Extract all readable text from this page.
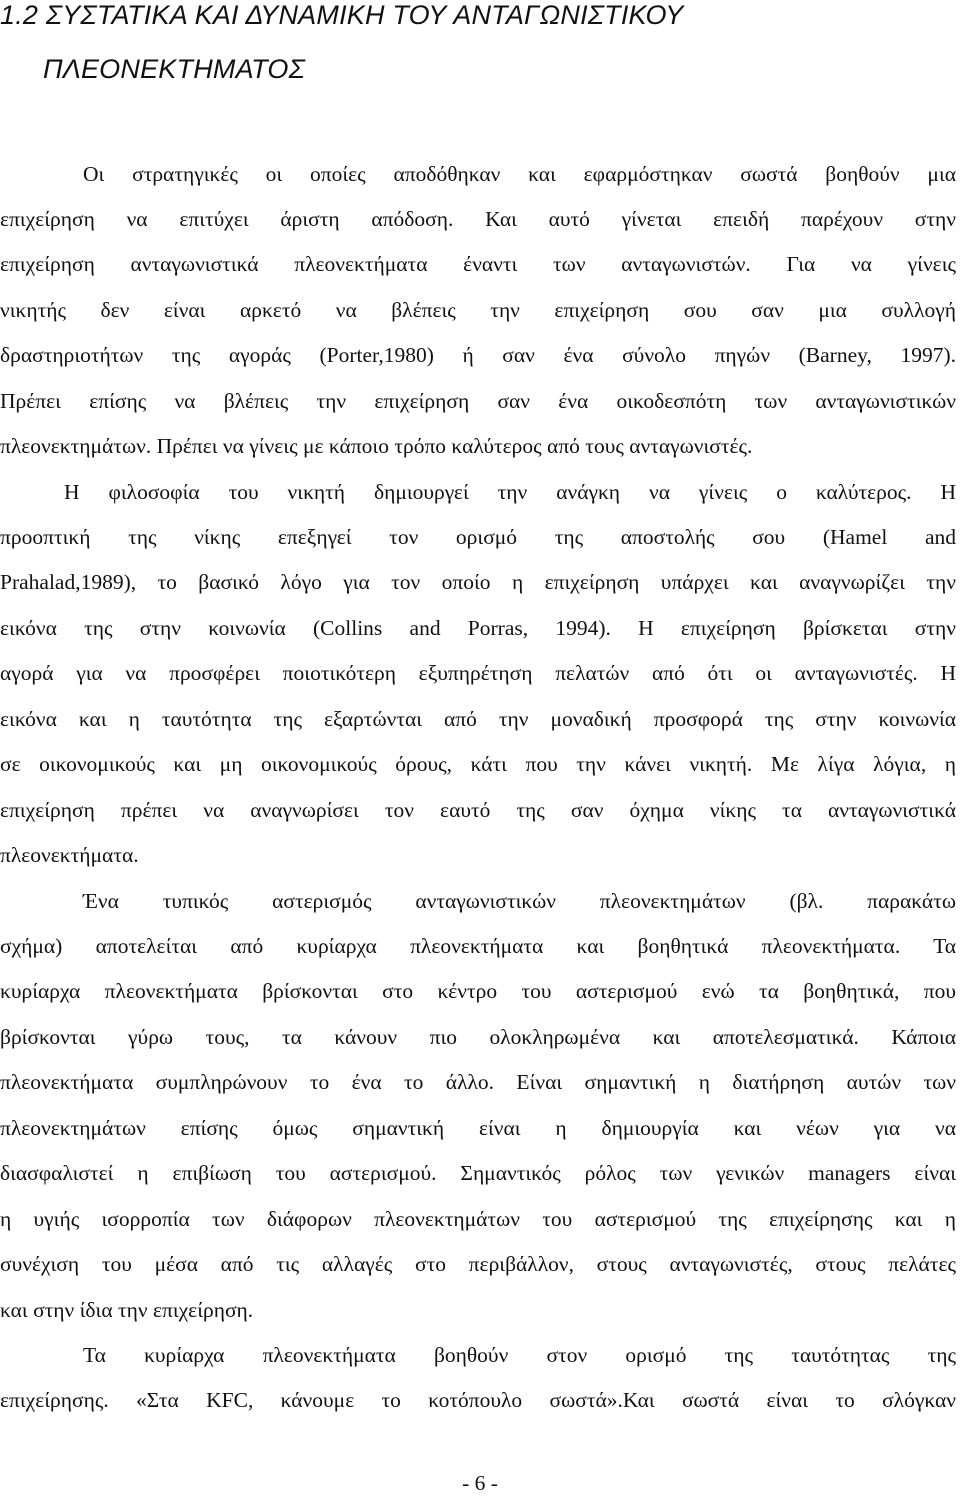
1.2 ΣΥΣΤΑΤΙΚΑ ΚΑΙ ΔΥΝΑΜΙΚΗ ΤΟΥ ΑΝΤΑΓΩΝΙΣΤΙΚΟΥ
ΠΛΕΟΝΕΚΤΗΜΑΤΟΣ
Οι στρατηγικές οι οποίες αποδόθηκαν και εφαρμόστηκαν σωστά βοηθούν μια
επιχείρηση να επιτύχει άριστη απόδοση. Και αυτό γίνεται επειδή παρέχουν στην
επιχείρηση ανταγωνιστικά πλεονεκτήματα έναντι των ανταγωνιστών. Για να γίνεις
νικητής δεν είναι αρκετό να βλέπεις την επιχείρηση σου σαν μια συλλογή
δραστηριοτήτων της αγοράς (Porter,1980) ή σαν ένα σύνολο πηγών (Barney, 1997).
Πρέπει επίσης να βλέπεις την επιχείρηση σαν ένα οικοδεσπότη των ανταγωνιστικών
πλεονεκτημάτων. Πρέπει να γίνεις με κάποιο τρόπο καλύτερος από τους ανταγωνιστές.
Η φιλοσοφία του νικητή δημιουργεί την ανάγκη να γίνεις ο καλύτερος. Η
προοπτική της νίκης επεξηγεί τον ορισμό της αποστολής σου (Hamel and
Prahalad,1989), το βασικό λόγο για τον οποίο η επιχείρηση υπάρχει και αναγνωρίζει την
εικόνα της στην κοινωνία (Collins and Porras, 1994). Η επιχείρηση βρίσκεται στην
αγορά για να προσφέρει ποιοτικότερη εξυπηρέτηση πελατών από ότι οι ανταγωνιστές. Η
εικόνα και η ταυτότητα της εξαρτώνται από την μοναδική προσφορά της στην κοινωνία
σε οικονομικούς και μη οικονομικούς όρους, κάτι που την κάνει νικητή. Με λίγα λόγια, η
επιχείρηση πρέπει να αναγνωρίσει τον εαυτό της σαν όχημα νίκης τα ανταγωνιστικά
πλεονεκτήματα.
Ένα τυπικός αστερισμός ανταγωνιστικών πλεονεκτημάτων (βλ. παρακάτω
σχήμα) αποτελείται από κυρίαρχα πλεονεκτήματα και βοηθητικά πλεονεκτήματα. Τα
κυρίαρχα πλεονεκτήματα βρίσκονται στο κέντρο του αστερισμού ενώ τα βοηθητικά, που
βρίσκονται γύρω τους, τα κάνουν πιο ολοκληρωμένα και αποτελεσματικά. Κάποια
πλεονεκτήματα συμπληρώνουν το ένα το άλλο. Είναι σημαντική η διατήρηση αυτών των
πλεονεκτημάτων επίσης όμως σημαντική είναι η δημιουργία και νέων για να
διασφαλιστεί η επιβίωση του αστερισμού. Σημαντικός ρόλος των γενικών managers είναι
η υγιής ισορροπία των διάφορων πλεονεκτημάτων του αστερισμού της επιχείρησης και η
συνέχιση του μέσα από τις αλλαγές στο περιβάλλον, στους ανταγωνιστές, στους πελάτες
και στην ίδια την επιχείρηση.
Τα κυρίαρχα πλεονεκτήματα βοηθούν στον ορισμό της ταυτότητας της
επιχείρησης. «Στα KFC, κάνουμε το κοτόπουλο σωστά».Και σωστά είναι το σλόγκαν
- 6 -
